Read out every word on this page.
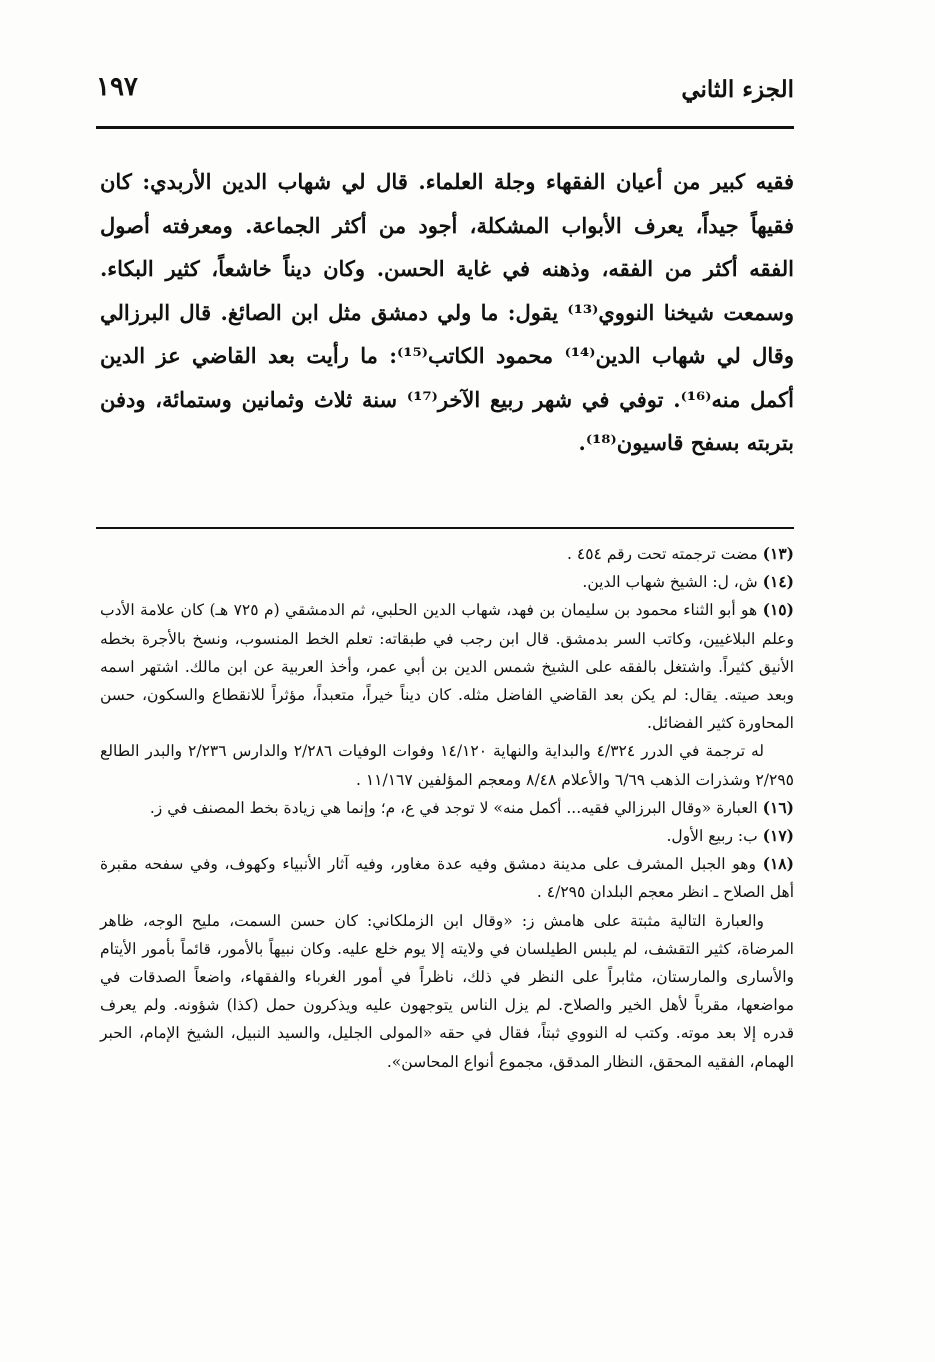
الجزء الثاني
١٩٧

فقيه كبير من أعيان الفقهاء وجلة العلماء. قال لي شهاب الدين الأربدي: كان فقيهاً جيداً، يعرف الأبواب المشكلة، أجود من أكثر الجماعة. ومعرفته أصول الفقه أكثر من الفقه، وذهنه في غاية الحسن. وكان ديناً خاشعاً، كثير البكاء. وسمعت شيخنا النووي⁽¹³⁾ يقول: ما ولي دمشق مثل ابن الصائغ. قال البرزالي وقال لي شهاب الدين⁽¹⁴⁾ محمود الكاتب⁽¹⁵⁾: ما رأيت بعد القاضي عز الدين أكمل منه⁽¹⁶⁾. توفي في شهر ربيع الآخر⁽¹⁷⁾ سنة ثلاث وثمانين وستمائة، ودفن بتربته بسفح قاسيون⁽¹⁸⁾.

(١٣) مضت ترجمته تحت رقم ٤٥٤ .

(١٤) ش، ل: الشيخ شهاب الدين.

(١٥) هو أبو الثناء محمود بن سليمان بن فهد، شهاب الدين الحلبي، ثم الدمشقي (م ٧٢٥ هـ) كان علامة الأدب وعلم البلاغيين، وكاتب السر بدمشق. قال ابن رجب في طبقاته: تعلم الخط المنسوب، ونسخ بالأجرة بخطه الأنيق كثيراً. واشتغل بالفقه على الشيخ شمس الدين بن أبي عمر، وأخذ العربية عن ابن مالك. اشتهر اسمه وبعد صيته. يقال: لم يكن بعد القاضي الفاضل مثله. كان ديناً خيراً، متعبداً، مؤثراً للانقطاع والسكون، حسن المحاورة كثير الفضائل.

له ترجمة في الدرر ٤/٣٢٤ والبداية والنهاية ١٤/١٢٠ وفوات الوفيات ٢/٢٨٦ والدارس ٢/٢٣٦ والبدر الطالع ٢/٢٩٥ وشذرات الذهب ٦/٦٩ والأعلام ٨/٤٨ ومعجم المؤلفين ١١/١٦٧ .

(١٦) العبارة «وقال البرزالي فقيه... أكمل منه» لا توجد في ع، م؛ وإنما هي زيادة بخط المصنف في ز.

(١٧) ب: ربيع الأول.

(١٨) وهو الجبل المشرف على مدينة دمشق وفيه عدة مغاور، وفيه آثار الأنبياء وكهوف، وفي سفحه مقبرة أهل الصلاح ـ انظر معجم البلدان ٤/٢٩٥ .

والعبارة التالية مثبتة على هامش ز: «وقال ابن الزملكاني: كان حسن السمت، مليح الوجه، ظاهر المرضاة، كثير التقشف، لم يلبس الطيلسان في ولايته إلا يوم خلع عليه. وكان نبيهاً بالأمور، قائماً بأمور الأيتام والأسارى والمارستان، مثابراً على النظر في ذلك، ناظراً في أمور الغرباء والفقهاء، واضعاً الصدقات في مواضعها، مقرباً لأهل الخير والصلاح. لم يزل الناس يتوجهون عليه ويذكرون حمل (كذا) شؤونه. ولم يعرف قدره إلا بعد موته. وكتب له النووي ثبتاً، فقال في حقه «المولى الجليل، والسيد النبيل، الشيخ الإمام، الحبر الهمام، الفقيه المحقق، النظار المدقق، مجموع أنواع المحاسن».
